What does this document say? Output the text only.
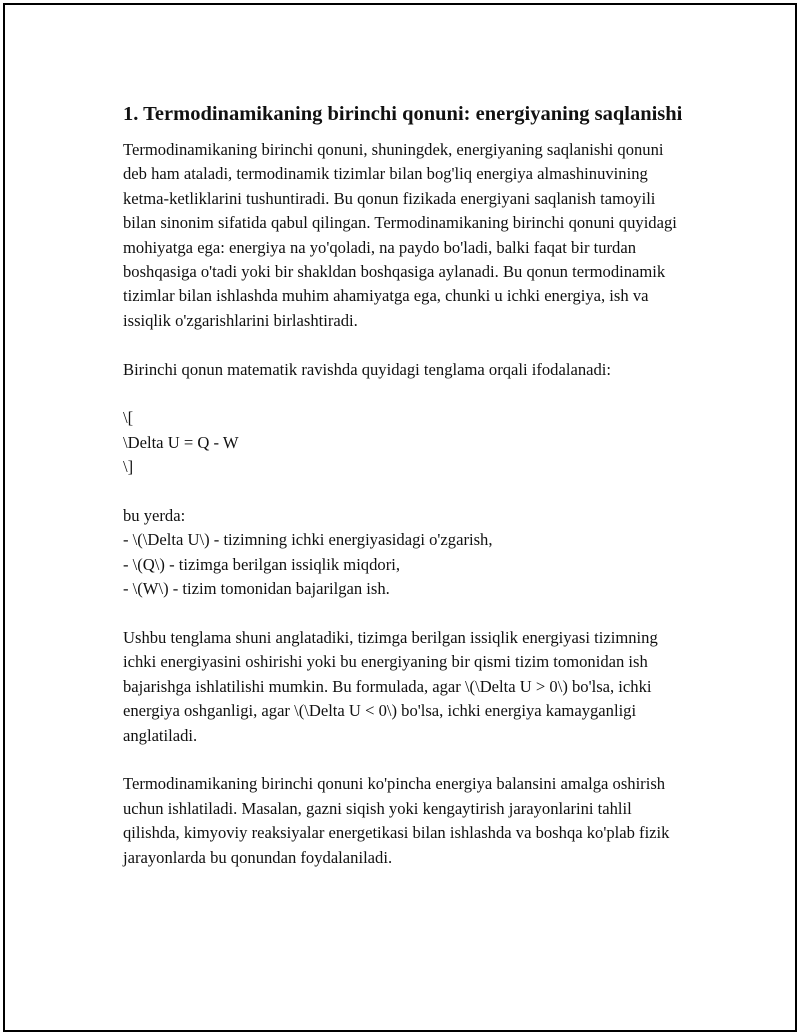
1. Termodinamikaning birinchi qonuni: energiyaning saqlanishi
Termodinamikaning birinchi qonuni, shuningdek, energiyaning saqlanishi qonuni deb ham ataladi, termodinamik tizimlar bilan bog'liq energiya almashinuvining ketma-ketliklarini tushuntiradi. Bu qonun fizikada energiyani saqlanish tamoyili bilan sinonim sifatida qabul qilingan. Termodinamikaning birinchi qonuni quyidagi mohiyatga ega: energiya na yo'qoladi, na paydo bo'ladi, balki faqat bir turdan boshqasiga o'tadi yoki bir shakldan boshqasiga aylanadi. Bu qonun termodinamik tizimlar bilan ishlashda muhim ahamiyatga ega, chunki u ichki energiya, ish va issiqlik o'zgarishlarini birlashtiradi.
Birinchi qonun matematik ravishda quyidagi tenglama orqali ifodalanadi:
\[
\Delta U = Q - W
\]
bu yerda:
- \(\Delta U\) - tizimning ichki energiyasidagi o'zgarish,
- \(Q\) - tizimga berilgan issiqlik miqdori,
- \(W\) - tizim tomonidan bajarilgan ish.
Ushbu tenglama shuni anglatadiki, tizimga berilgan issiqlik energiyasi tizimning ichki energiyasini oshirishi yoki bu energiyaning bir qismi tizim tomonidan ish bajarishga ishlatilishi mumkin. Bu formulada, agar \(\Delta U > 0\) bo'lsa, ichki energiya oshganligi, agar \(\Delta U < 0\) bo'lsa, ichki energiya kamayganligi anglatiladi.
Termodinamikaning birinchi qonuni ko'pincha energiya balansini amalga oshirish uchun ishlatiladi. Masalan, gazni siqish yoki kengaytirish jarayonlarini tahlil qilishda, kimyoviy reaksiyalar energetikasi bilan ishlashda va boshqa ko'plab fizik jarayonlarda bu qonundan foydalaniladi.
